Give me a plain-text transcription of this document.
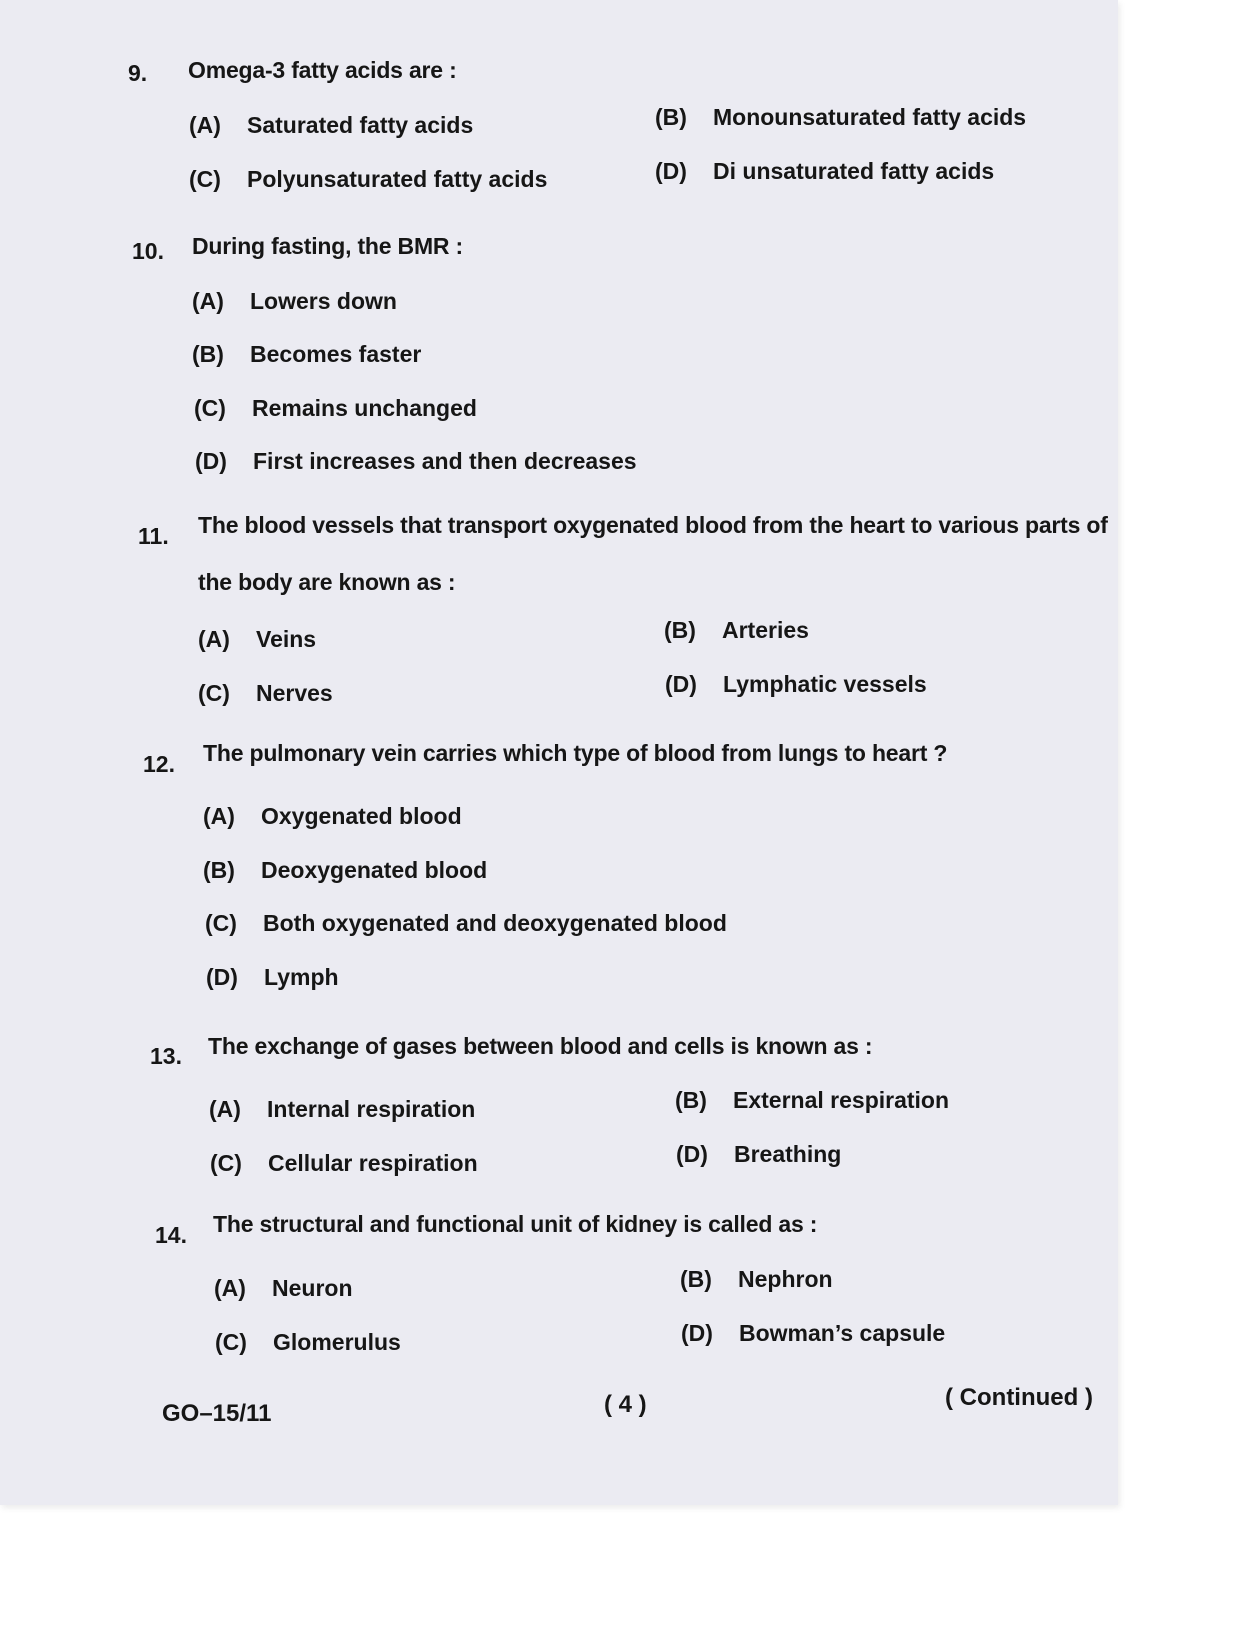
9. Omega-3 fatty acids are :
(A) Saturated fatty acids	(B) Monounsaturated fatty acids
(C) Polyunsaturated fatty acids	(D) Di unsaturated fatty acids
10. During fasting, the BMR :
(A) Lowers down
(B) Becomes faster
(C) Remains unchanged
(D) First increases and then decreases
11. The blood vessels that transport oxygenated blood from the heart to various parts of
the body are known as :
(A) Veins	(B) Arteries
(C) Nerves	(D) Lymphatic vessels
12. The pulmonary vein carries which type of blood from lungs to heart ?
(A) Oxygenated blood
(B) Deoxygenated blood
(C) Both oxygenated and deoxygenated blood
(D) Lymph
13. The exchange of gases between blood and cells is known as :
(A) Internal respiration	(B) External respiration
(C) Cellular respiration	(D) Breathing
14. The structural and functional unit of kidney is called as :
(A) Neuron	(B) Nephron
(C) Glomerulus	(D) Bowman’s capsule
GO–15/11	( 4 )	( Continued )
